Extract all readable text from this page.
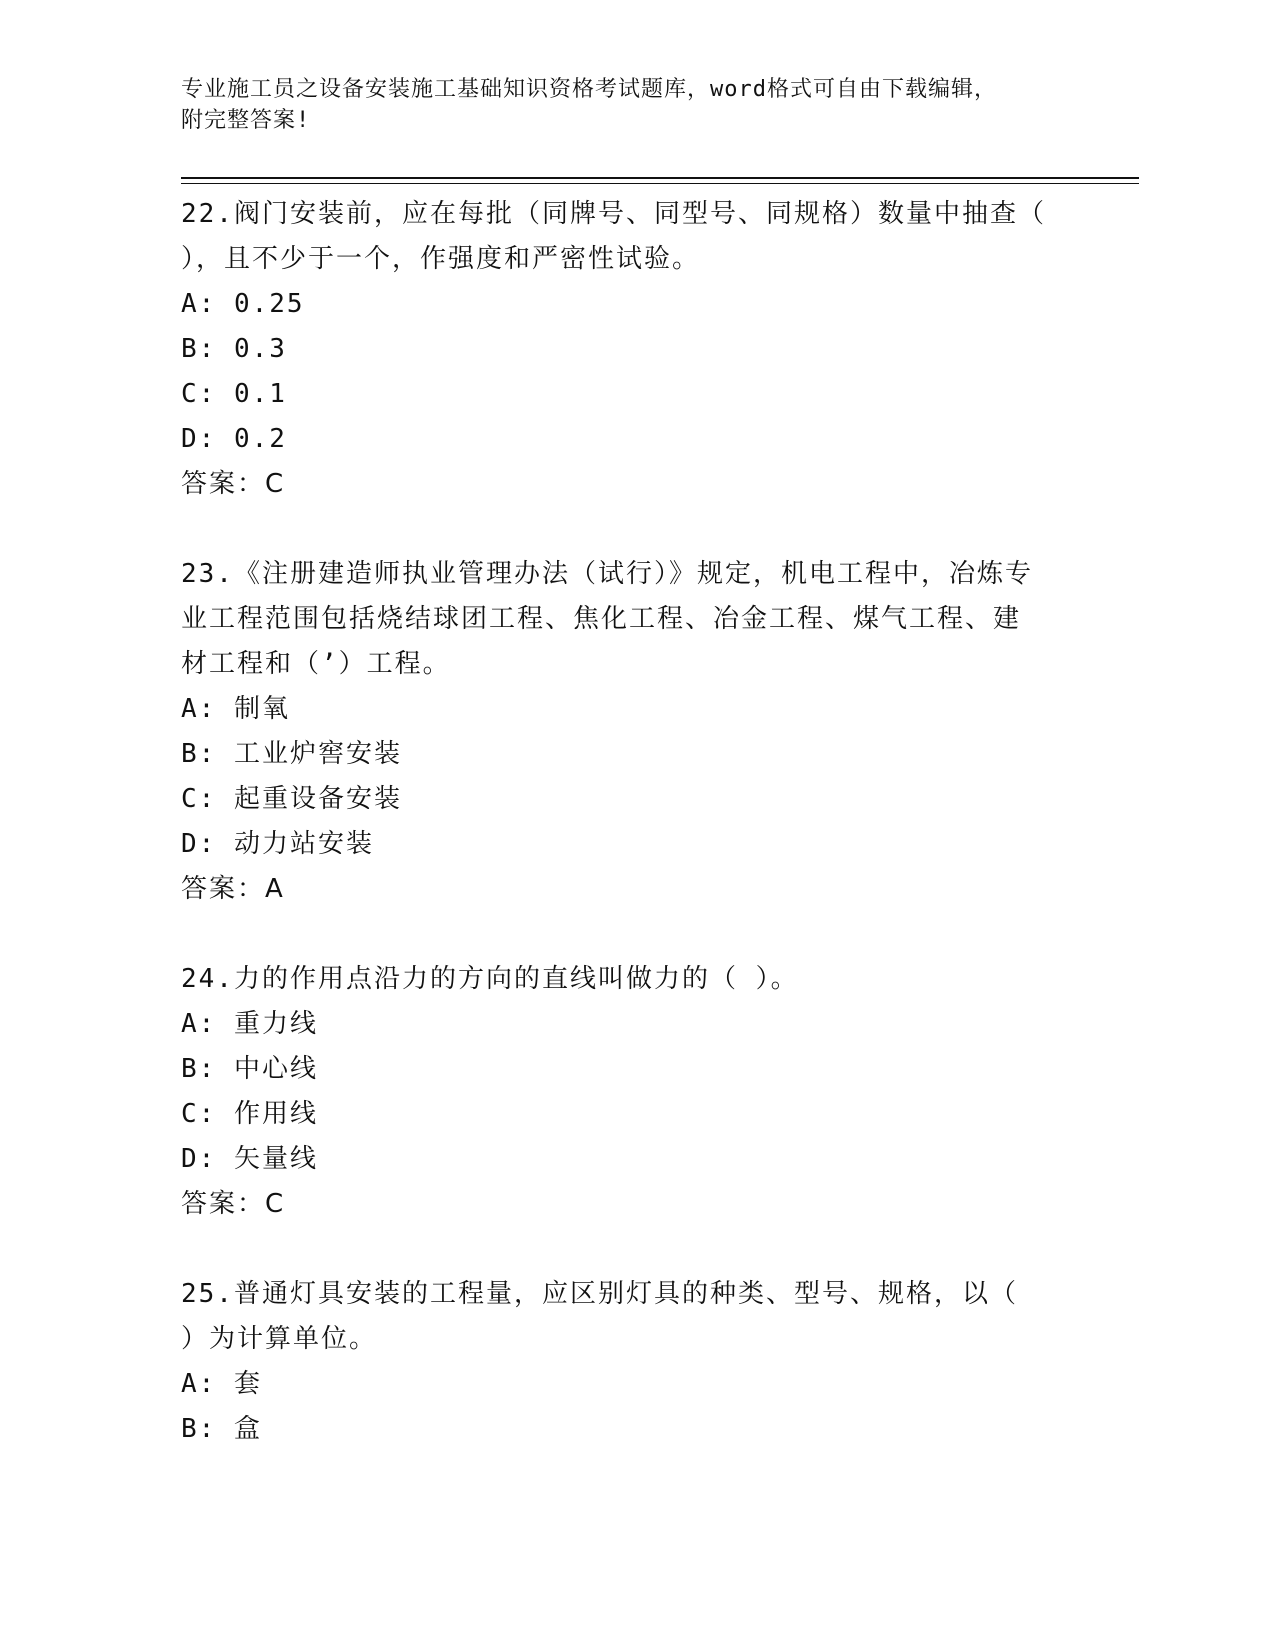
专业施工员之设备安装施工基础知识资格考试题库，word格式可自由下载编辑，
附完整答案!
22.阀门安装前，应在每批（同牌号、同型号、同规格）数量中抽查（
），且不少于一个，作强度和严密性试验。
A: 0.25
B: 0.3
C: 0.1
D: 0.2
答案：C
23.《注册建造师执业管理办法（试行）》规定，机电工程中，冶炼专
业工程范围包括烧结球团工程、焦化工程、冶金工程、煤气工程、建
材工程和（’）工程。
A: 制氧
B: 工业炉窖安装
C: 起重设备安装
D: 动力站安装
答案：A
24.力的作用点沿力的方向的直线叫做力的（ ）。
A: 重力线
B: 中心线
C: 作用线
D: 矢量线
答案：C
25.普通灯具安装的工程量，应区别灯具的种类、型号、规格，以（
）为计算单位。
A: 套
B: 盒
